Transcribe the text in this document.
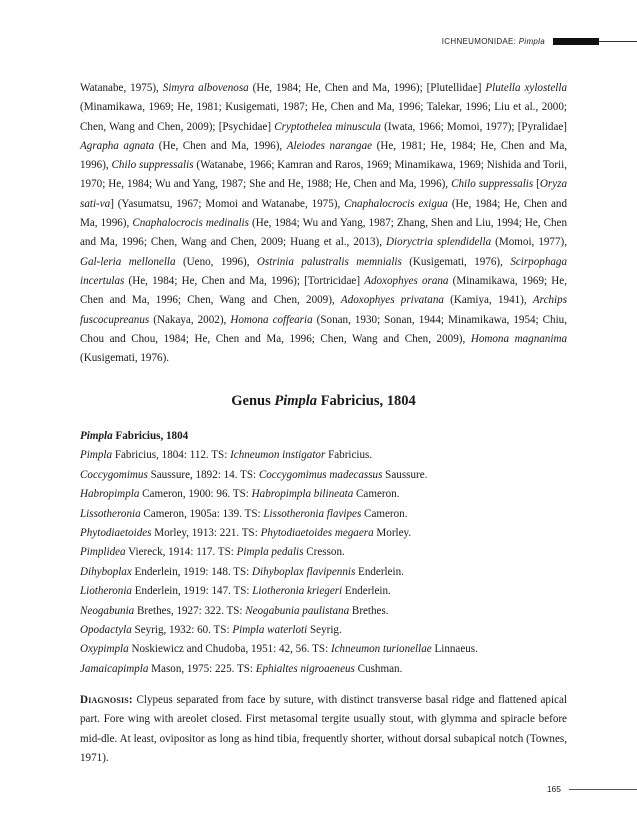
ICHNEUMONIDAE: Pimpla
Watanabe, 1975), Simyra albovenosa (He, 1984; He, Chen and Ma, 1996); [Plutellidae] Plutella xylostella (Minamikawa, 1969; He, 1981; Kusigemati, 1987; He, Chen and Ma, 1996; Talekar, 1996; Liu et al., 2000; Chen, Wang and Chen, 2009); [Psychidae] Cryptothelea minuscula (Iwata, 1966; Momoi, 1977); [Pyralidae] Agraphа agnata (He, Chen and Ma, 1996), Aleiodes narangae (He, 1981; He, 1984; He, Chen and Ma, 1996), Chilo suppressalis (Watanabe, 1966; Kamran and Raros, 1969; Minamikawa, 1969; Nishida and Torii, 1970; He, 1984; Wu and Yang, 1987; She and He, 1988; He, Chen and Ma, 1996), Chilo suppressalis [Oryza sati-va] (Yasumatsu, 1967; Momoi and Watanabe, 1975), Cnaphalocrocis exigua (He, 1984; He, Chen and Ma, 1996), Cnaphalocrocis medinalis (He, 1984; Wu and Yang, 1987; Zhang, Shen and Liu, 1994; He, Chen and Ma, 1996; Chen, Wang and Chen, 2009; Huang et al., 2013), Dioryctria splendidella (Momoi, 1977), Gal-leria mellonella (Ueno, 1996), Ostrinia palustralis memnialis (Kusigemati, 1976), Scirpophaga incertulas (He, 1984; He, Chen and Ma, 1996); [Tortricidae] Adoxophyes orana (Minamikawa, 1969; He, Chen and Ma, 1996; Chen, Wang and Chen, 2009), Adoxophyes privatana (Kamiya, 1941), Archips fuscocupreanus (Nakaya, 2002), Homona coffearia (Sonan, 1930; Sonan, 1944; Minamikawa, 1954; Chiu, Chou and Chou, 1984; He, Chen and Ma, 1996; Chen, Wang and Chen, 2009), Homona magnanima (Kusigemati, 1976).
Genus Pimpla Fabricius, 1804
Pimpla Fabricius, 1804
Pimpla Fabricius, 1804: 112. TS: Ichneumon instigator Fabricius.
Coccygomimus Saussure, 1892: 14. TS: Coccygomimus madecassus Saussure.
Habropimpla Cameron, 1900: 96. TS: Habropimpla bilineata Cameron.
Lissotheronia Cameron, 1905a: 139. TS: Lissotheronia flavipes Cameron.
Phytodiaetoides Morley, 1913: 221. TS: Phytodiaetoides megaera Morley.
Pimplidea Viereck, 1914: 117. TS: Pimpla pedalis Cresson.
Dihyboplax Enderlein, 1919: 148. TS: Dihyboplax flavipennis Enderlein.
Liotheronia Enderlein, 1919: 147. TS: Liotheronia kriegeri Enderlein.
Neogabunia Brethes, 1927: 322. TS: Neogabunia paulistana Brethes.
Opodactyla Seyrig, 1932: 60. TS: Pimpla waterloti Seyrig.
Oxypimpla Noskiewicz and Chudoba, 1951: 42, 56. TS: Ichneumon turionellae Linnaeus.
Jamaicapimpla Mason, 1975: 225. TS: Ephialtes nigroaeneus Cushman.
Diagnosis: Clypeus separated from face by suture, with distinct transverse basal ridge and flattened apical part. Fore wing with areolet closed. First metasomal tergite usually stout, with glymma and spiracle before mid-dle. At least, ovipositor as long as hind tibia, frequently shorter, without dorsal subapical notch (Townes, 1971).
165
